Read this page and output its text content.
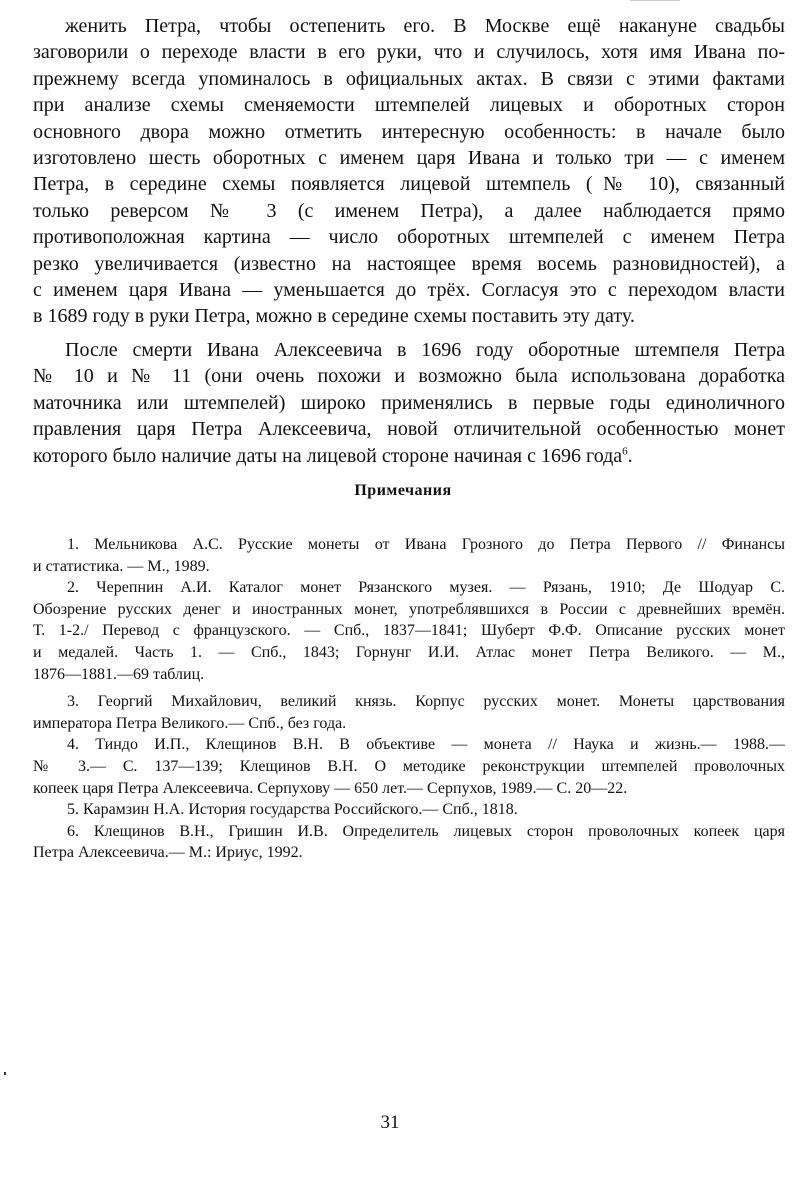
женить Петра, чтобы остепенить его. В Москве ещё накануне свадьбы
заговорили о переходе власти в его руки, что и случилось, хотя имя Ивана по-
прежнему всегда упоминалось в официальных актах. В связи с этими фактами
при анализе схемы сменяемости штемпелей лицевых и оборотных сторон
основного двора можно отметить интересную особенность: в начале было
изготовлено шесть оборотных с именем царя Ивана и только три — с именем
Петра, в середине схемы появляется лицевой штемпель (№ 10), связанный
только реверсом № 3 (с именем Петра), а далее наблюдается прямо
противоположная картина — число оборотных штемпелей с именем Петра
резко увеличивается (известно на настоящее время восемь разновидностей), а
с именем царя Ивана — уменьшается до трёх. Согласуя это с переходом власти
в 1689 году в руки Петра, можно в середине схемы поставить эту дату.
После смерти Ивана Алексеевича в 1696 году оборотные штемпеля Петра
№ 10 и № 11 (они очень похожи и возможно была использована доработка
маточника или штемпелей) широко применялись в первые годы единоличного
правления царя Петра Алексеевича, новой отличительной особенностью монет
которого было наличие даты на лицевой стороне начиная с 1696 года$^6$.
Примечания
1. Мельникова А.С. Русские монеты от Ивана Грозного до Петра Первого // Финансы
и статистика. — М., 1989.
2. Черепнин А.И. Каталог монет Рязанского музея. — Рязань, 1910; Де Шодуар С.
Обозрение русских денег и иностранных монет, употреблявшихся в России с древнейших времён.
Т. 1-2./ Перевод с французского. — Спб., 1837—1841; Шуберт Ф.Ф. Описание русских монет
и медалей. Часть 1. — Спб., 1843; Горнунг И.И. Атлас монет Петра Великого. — М.,
1876—1881.—69 таблиц.
3. Георгий Михайлович, великий князь. Корпус русских монет. Монеты царствования
императора Петра Великого.— Спб., без года.
4. Тиндо И.П., Клещинов В.Н. В объективе — монета // Наука и жизнь.— 1988.—
№ 3.— С. 137—139; Клещинов В.Н. О методике реконструкции штемпелей проволочных
копеек царя Петра Алексеевича. Серпухову — 650 лет.— Серпухов, 1989.— С. 20—22.
5. Карамзин Н.А. История государства Российского.— Спб., 1818.
6. Клещинов В.Н., Гришин И.В. Определитель лицевых сторон проволочных копеек царя
Петра Алексеевича.— М.: Ириус, 1992.
31
